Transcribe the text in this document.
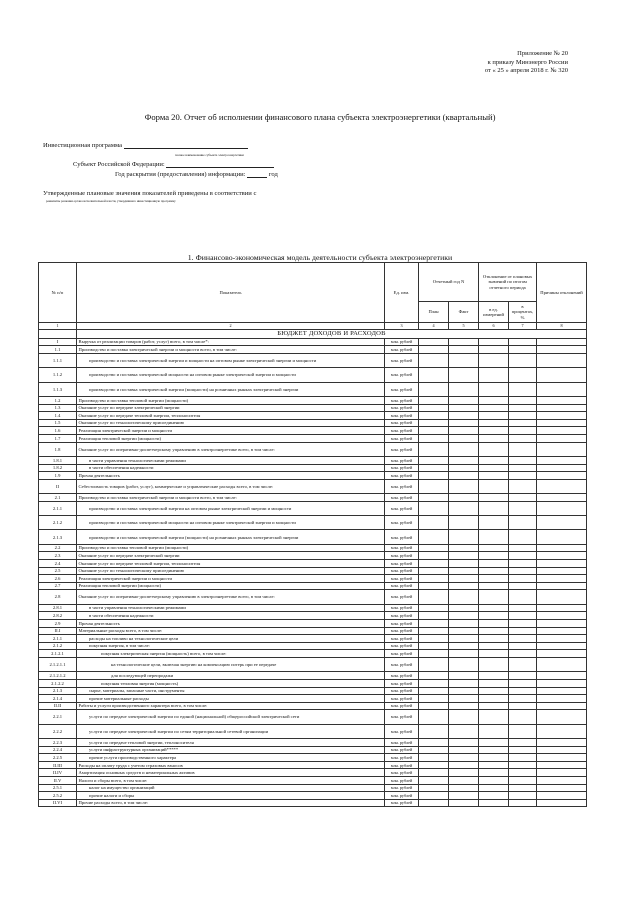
Приложение № 20
к приказу Минэнерго России
от « 25 » апреля 2018 г. № 320
Форма 20. Отчет об исполнении финансового плана субъекта электроэнергетики (квартальный)
Инвестиционная программа
полное наименование субъекта электроэнергетики
Субъект Российской Федерации:
Год раскрытия (предоставления) информации:	год
Утвержденные плановые значения показателей приведены в соответствии с
реквизиты решения органа исполнительной власти, утвердившего инвестиционную программу
1. Финансово-экономическая модель деятельности субъекта электроэнергетики
№ п/п	Показатель	Ед. изм.	Отчетный год N		Отклонение от плановых значений по итогам отчетного периода		Причины отклонений
			План	Факт	в ед. измерений	в процентах, %	
1	2	3	4	5	6	7	8
	БЮДЖЕТ ДОХОДОВ И РАСХОДОВ						
I	Выручка от реализации товаров (работ, услуг) всего, в том числе*:	млн. рублей					
1.1	Производство и поставка электрической энергии и мощности всего, в том числе:	млн. рублей					
1.1.1	производство и поставка электрической энергии и мощности на оптовом рынке электрической энергии и мощности	млн. рублей					
1.1.2	производство и поставка электрической мощности на оптовом рынке электрической энергии и мощности	млн. рублей					
1.1.3	производство и поставка электрической энергии (мощности) на розничных рынках электрической энергии	млн. рублей					
1.2	Производство и поставка тепловой энергии (мощности)	млн. рублей					
1.3	Оказание услуг по передаче электрической энергии	млн. рублей					
1.4	Оказание услуг по передаче тепловой энергии, теплоносителя	млн. рублей					
1.5	Оказание услуг по технологическому присоединению	млн. рублей					
1.6	Реализация электрической энергии и мощности	млн. рублей					
1.7	Реализация тепловой энергии (мощности)	млн. рублей					
1.8	Оказание услуг по оперативно-диспетчерскому управлению в электроэнергетике всего, в том числе:	млн. рублей					
1.8.1	в части управления технологическими режимами	млн. рублей					
1.8.2	в части обеспечения надежности	млн. рублей					
1.9	Прочая деятельность	млн. рублей					
II	Себестоимость товаров (работ, услуг), коммерческие и управленческие расходы всего, в том числе:	млн. рублей					
2.1	Производство и поставка электрической энергии и мощности всего, в том числе:	млн. рублей					
2.1.1	производство и поставка электрической энергии на оптовом рынке электрической энергии и мощности	млн. рублей					
2.1.2	производство и поставка электрической мощности на оптовом рынке электрической энергии и мощности	млн. рублей					
2.1.3	производство и поставка электрической энергии (мощности) на розничных рынках электрической энергии	млн. рублей					
2.2	Производство и поставка тепловой энергии (мощности)	млн. рублей					
2.3	Оказание услуг по передаче электрической энергии	млн. рублей					
2.4	Оказание услуг по передаче тепловой энергии, теплоносителя	млн. рублей					
2.5	Оказание услуг по технологическому присоединению	млн. рублей					
2.6	Реализация электрической энергии и мощности	млн. рублей					
2.7	Реализация тепловой энергии (мощности)	млн. рублей					
2.8	Оказание услуг по оперативно-диспетчерскому управлению в электроэнергетике всего, в том числе:	млн. рублей					
2.8.1	в части управления технологическими режимами	млн. рублей					
2.8.2	в части обеспечения надежности	млн. рублей					
2.9	Прочая деятельность	млн. рублей					
II.I	Материальные расходы всего, в том числе:	млн. рублей					
2.1.1	расходы на топливо на технологические цели	млн. рублей					
2.1.2	покупная энергия, в том числе:	млн. рублей					
2.1.2.1	покупная электрическая энергия (мощность) всего, в том числе:	млн. рублей					
2.1.2.1.1	на технологические цели, включая энергию на компенсацию потерь при ее передаче	млн. рублей					
2.1.2.1.2	для последующей перепродажи	млн. рублей					
2.1.2.2	покупная тепловая энергия (мощность)	млн. рублей					
2.1.3	сырье, материалы, запасные части, инструменты	млн. рублей					
2.1.4	прочие материальные расходы	млн. рублей					
II.II	Работы и услуги производственного характера всего, в том числе:	млн. рублей					
2.2.1	услуги по передаче электрической энергии по единой (национальной) общероссийской электрической сети	млн. рублей					
2.2.2	услуги по передаче электрической энергии по сетям территориальной сетевой организации	млн. рублей					
2.2.3	услуги по передаче тепловой энергии, теплоносителя	млн. рублей					
2.2.4	услуги инфраструктурных организаций*****	млн. рублей					
2.2.5	прочие услуги производственного характера	млн. рублей					
II.III	Расходы на оплату труда с учетом страховых взносов	млн. рублей					
II.IV	Амортизация основных средств и нематериальных активов	млн. рублей					
II.V	Налоги и сборы всего, в том числе:	млн. рублей					
2.5.1	налог на имущество организаций	млн. рублей					
2.5.2	прочие налоги и сборы	млн. рублей					
II.VI	Прочие расходы всего, в том числе:	млн. рублей					
